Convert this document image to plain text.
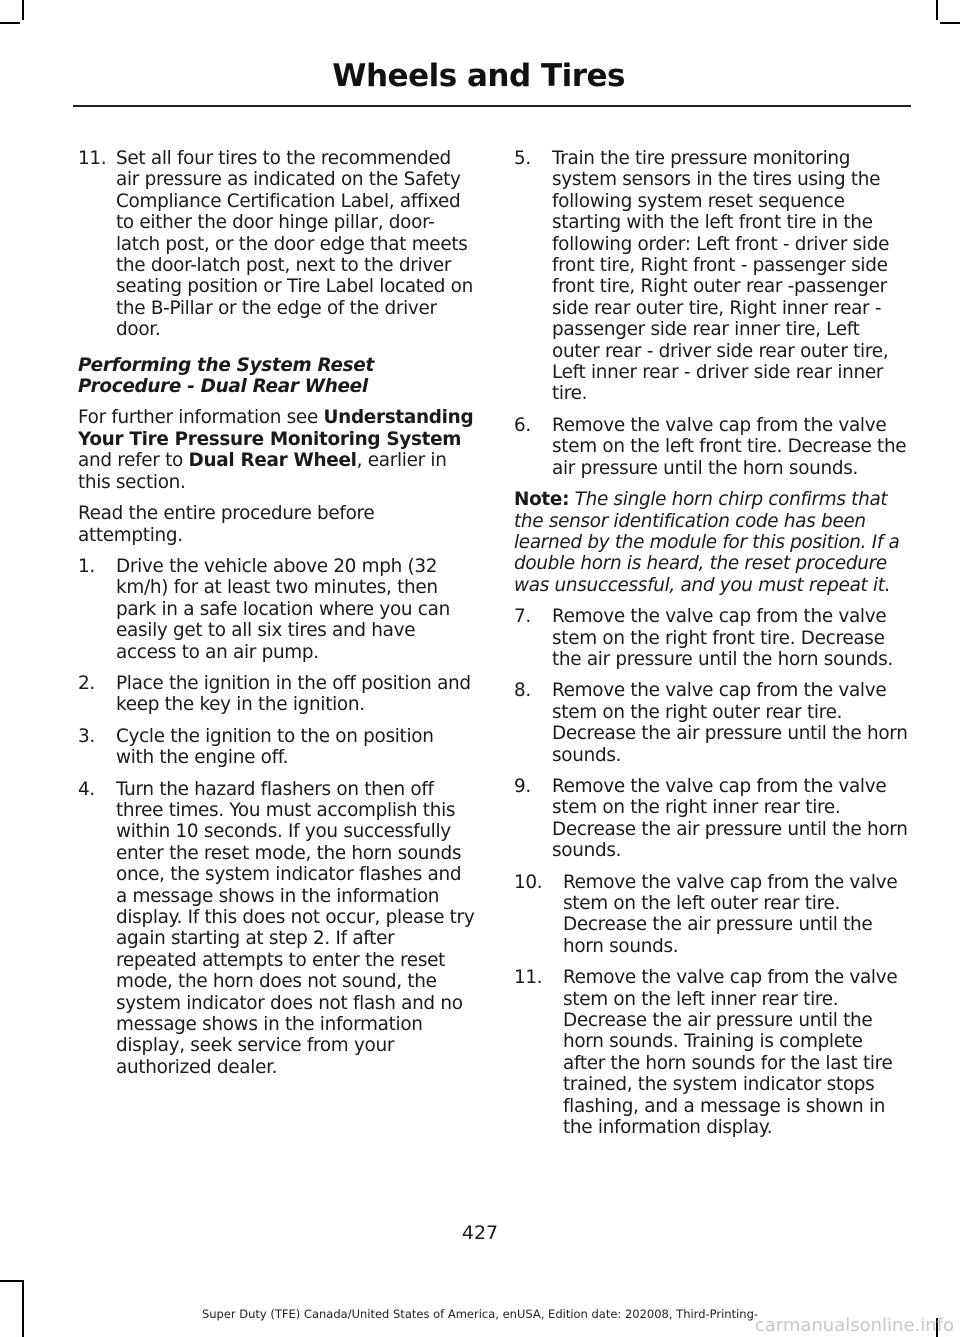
Wheels and Tires
11. Set all four tires to the recommended air pressure as indicated on the Safety Compliance Certification Label, affixed to either the door hinge pillar, door-latch post, or the door edge that meets the door-latch post, next to the driver seating position or Tire Label located on the B-Pillar or the edge of the driver door.

Performing the System Reset Procedure - Dual Rear Wheel

For further information see Understanding Your Tire Pressure Monitoring System and refer to Dual Rear Wheel, earlier in this section.

Read the entire procedure before attempting.

1. Drive the vehicle above 20 mph (32 km/h) for at least two minutes, then park in a safe location where you can easily get to all six tires and have access to an air pump.
2. Place the ignition in the off position and keep the key in the ignition.
3. Cycle the ignition to the on position with the engine off.
4. Turn the hazard flashers on then off three times. You must accomplish this within 10 seconds. If you successfully enter the reset mode, the horn sounds once, the system indicator flashes and a message shows in the information display. If this does not occur, please try again starting at step 2. If after repeated attempts to enter the reset mode, the horn does not sound, the system indicator does not flash and no message shows in the information display, seek service from your authorized dealer.
5. Train the tire pressure monitoring system sensors in the tires using the following system reset sequence starting with the left front tire in the following order: Left front - driver side front tire, Right front - passenger side front tire, Right outer rear -passenger side rear outer tire, Right inner rear - passenger side rear inner tire, Left outer rear - driver side rear outer tire, Left inner rear - driver side rear inner tire.
6. Remove the valve cap from the valve stem on the left front tire. Decrease the air pressure until the horn sounds.

Note: The single horn chirp confirms that the sensor identification code has been learned by the module for this position. If a double horn is heard, the reset procedure was unsuccessful, and you must repeat it.

7. Remove the valve cap from the valve stem on the right front tire. Decrease the air pressure until the horn sounds.
8. Remove the valve cap from the valve stem on the right outer rear tire. Decrease the air pressure until the horn sounds.
9. Remove the valve cap from the valve stem on the right inner rear tire. Decrease the air pressure until the horn sounds.
10. Remove the valve cap from the valve stem on the left outer rear tire. Decrease the air pressure until the horn sounds.
11. Remove the valve cap from the valve stem on the left inner rear tire. Decrease the air pressure until the horn sounds. Training is complete after the horn sounds for the last tire trained, the system indicator stops flashing, and a message is shown in the information display.
427
Super Duty (TFE) Canada/United States of America, enUSA, Edition date: 202008, Third-Printing-
carmanualsonline.info
